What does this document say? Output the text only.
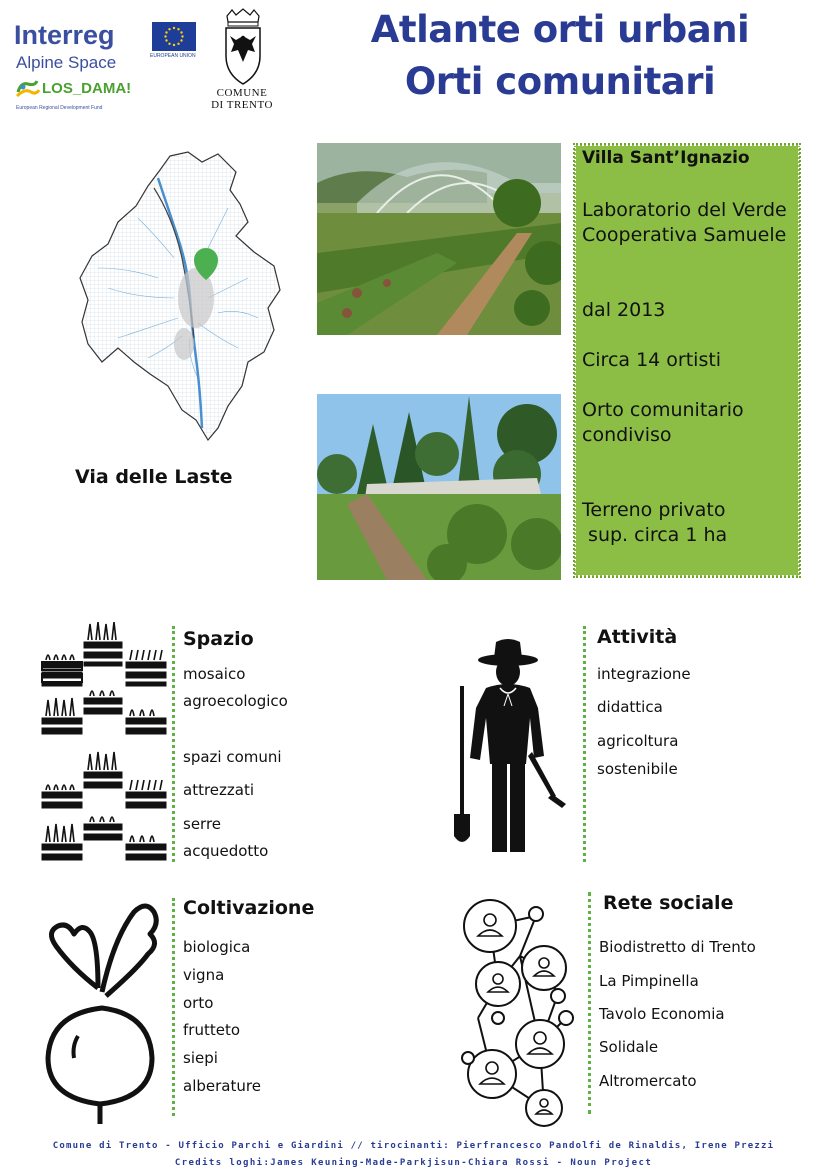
Interreg
EUROPEAN UNION
Alpine Space
LOS_DAMA!
European Regional Development Fund
COMUNE
DI TRENTO
Atlante orti urbani
Orti comunitari
Via delle Laste
Villa Sant’Ignazio
Laboratorio del Verde Cooperativa Samuele
dal 2013
Circa 14 ortisti
Orto comunitario condiviso
Terreno privato
sup. circa 1 ha
Spazio
mosaico
agroecologico
spazi comuni
attrezzati
serre
acquedotto
Attività
integrazione
didattica
agricoltura
sostenibile
Coltivazione
biologica
vigna
orto
frutteto
siepi
alberature
Rete sociale
Biodistretto di Trento
La Pimpinella
Tavolo Economia
Solidale
Altromercato
Comune di Trento - Ufficio Parchi e Giardini // tirocinanti: Pierfrancesco Pandolfi de Rinaldis, Irene Prezzi
Credits loghi:James Keuning-Made-Parkjisun-Chiara Rossi - Noun Project
